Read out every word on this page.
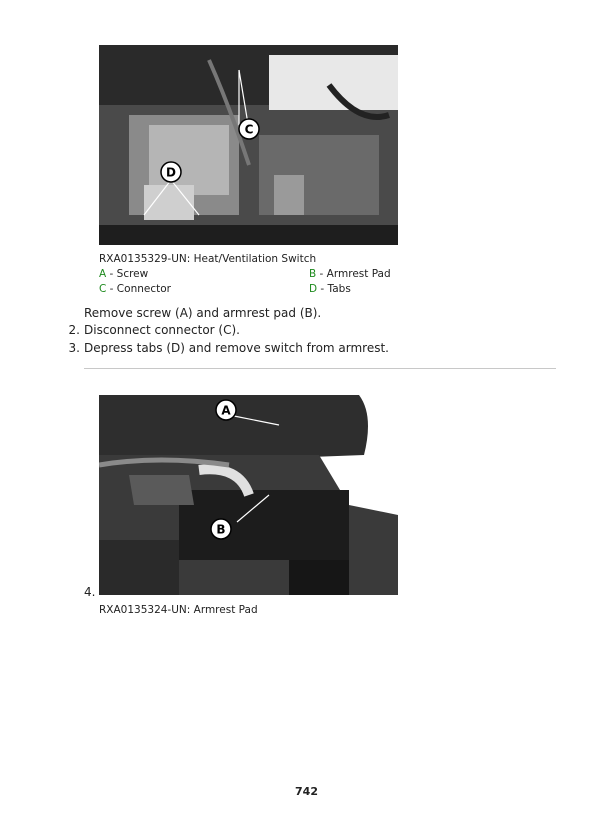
C
D
RXA0135329-UN: Heat/Ventilation Switch
A - Screw	B - Armrest Pad
C - Connector	D - Tabs
Remove screw (A) and armrest pad (B).
2. Disconnect connector (C).
3. Depress tabs (D) and remove switch from armrest.
A
B
4.
RXA0135324-UN: Armrest Pad
742
